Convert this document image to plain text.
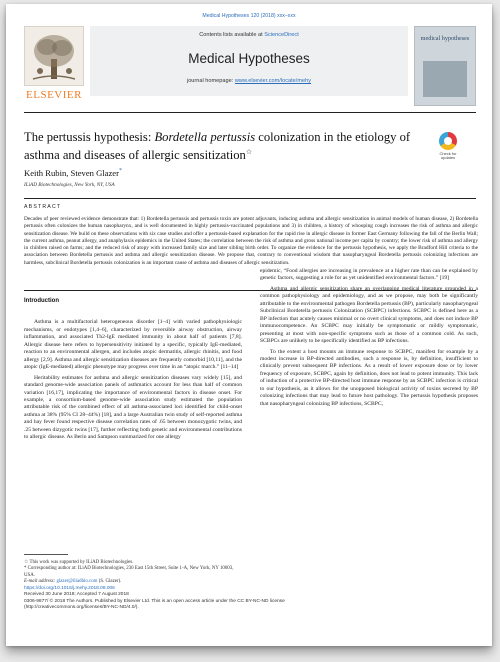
Medical Hypotheses 120 (2018) xxx–xxx
ELSEVIER
Contents lists available at ScienceDirect
Medical Hypotheses
journal homepage: www.elsevier.com/locate/mehy
medical hypotheses
The pertussis hypothesis: Bordetella pertussis colonization in the etiology of asthma and diseases of allergic sensitization☆	Check for
updates
Keith Rubin, Steven Glazer*
ILiAD Biotechnologies, New York, NY, USA
ABSTRACT
Decades of peer reviewed evidence demonstrate that: 1) Bordetella pertussis and pertussis toxin are potent adjuvants, inducing asthma and allergic sensitization in animal models of human disease, 2) Bordetella pertussis often colonizes the human nasopharynx, and is well documented in highly pertussis-vaccinated populations and 3) in children, a history of whooping cough increases the risk of asthma and allergic sensitization disease. We build on these observations with six case studies and offer a pertussis-based explanation for the rapid rise in allergic disease in former East Germany following the fall of the Berlin Wall; the current asthma, peanut allergy, and anaphylaxis epidemics in the United States; the correlation between the risk of asthma and gross national income per capita by country; the lower risk of asthma and allergy in children raised on farms; and the reduced risk of atopy with increased family size and later sibling birth order. To organize the evidence for the pertussis hypothesis, we apply the Bradford Hill criteria to the association between Bordetella pertussis and asthma and allergic sensitization disease. We propose that, contrary to conventional wisdom that nasopharyngeal Bordetella pertussis colonizing infections are harmless, subclinical Bordetella pertussis colonization is an important cause of asthma and diseases of allergic sensitization.
Introduction

Asthma is a multifactorial heterogeneous disorder [1–4] with varied pathophysiologic mechanisms, or endotypes [1,4–6], characterized by reversible airway obstruction, airway inflammation, and associated Th2-IgE mediated immunity in about half of patients [7,8]. Allergic disease here refers to hypersensitivity initiated by a specific, typically IgE-mediated, reaction to an environmental allergen, and includes atopic dermatitis, allergic rhinitis, and food allergy [2,9]. Asthma and allergic sensitization diseases are frequently comorbid [10,11], and the atopic (IgE-mediated) allergic phenotype may progress over time in an “atopic march.” [11–14]

Heritability estimates for asthma and allergic sensitization diseases vary widely [15], and standard genome-wide association panels of asthmatics account for less than half of common variation [16,17], implicating the importance of environmental factors in disease onset. For example, a consortium-based genome-wide association study estimated the population attributable risk of the combined effect of all asthma-associated loci identified for child-onset asthma at 38% (95% CI 28–44%) [18], and a large Australian twin study of self-reported asthma and hay fever found respective disease correlation rates of .65 between monozygotic twins, and .25 between dizygotic twins [17], further reflecting both genetic and environmental contributions to allergic disease. As Berin and Sampson summarized for one allergy

epidemic, “Food allergies are increasing in prevalence at a higher rate than can be explained by genetic factors, suggesting a role for as yet unidentified environmental factors.” [19]

Asthma and allergic sensitization share an overlapping medical literature grounded in a common pathophysiology and epidemiology, and as we propose, may both be significantly attributable to the environmental pathogen Bordetella pertussis (BP), particularly nasopharyngeal Subclinical Bordetella pertussis Colonization (SCBPC) infections. SCBPC is defined here as a BP infection that acutely causes minimal or no overt clinical symptoms, and does not induce BP immunocompetence. An SCBPC may initially be symptomatic or mildly symptomatic, presenting at most with non-specific symptoms such as those of a common cold. As such, SCBPCs are unlikely to be specifically identified as BP infections.

To the extent a host mounts an immune response to SCBPC, manifest for example by a modest increase in BP-directed antibodies, such a response is, by definition, insufficient to clinically prevent subsequent BP infections. As a result of lower exposure dose or by lower frequency of exposure, SCBPC, again by definition, does not lead to potent immunity. This lack of induction of a protective BP-directed host immune response by an SCBPC infection is critical to our hypothesis, as it allows for the unopposed biological activity of toxins secreted by BP colonizing infections that may lead to future host pathology. The pertussis hypothesis proposes that nasopharyngeal colonizing BP infections, SCBPC,

☆ This work was supported by ILiAD Biotechnologies.
* Corresponding author at: ILiAD Biotechnologies, 230 East 15th Street, Suite 1-A, New York, NY 10003, USA.
E-mail address: glazer@iliadbio.com (S. Glazer).
https://doi.org/10.1016/j.mehy.2018.08.006
Received 30 June 2018; Accepted 7 August 2018
0306-9877/ © 2018 The Authors. Published by Elsevier Ltd. This is an open access article under the CC BY-NC-ND license
(http://creativecommons.org/licenses/BY-NC-ND/4.0/).
